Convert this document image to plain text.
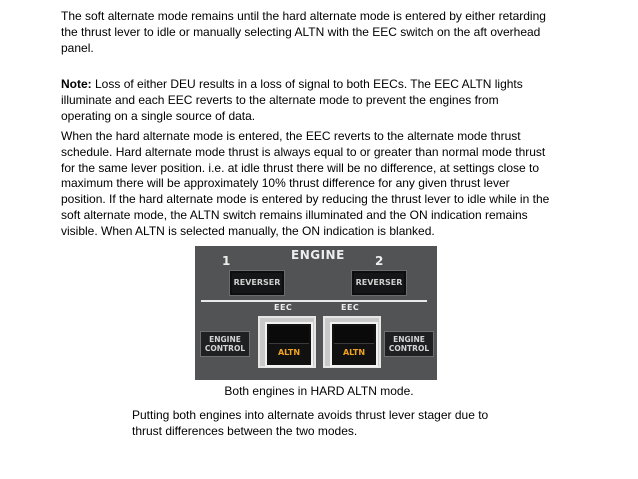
The soft alternate mode remains until the hard alternate mode is entered by either retarding the thrust lever to idle or manually selecting ALTN with the EEC switch on the aft overhead panel.

Note: Loss of either DEU results in a loss of signal to both EECs. The EEC ALTN lights illuminate and each EEC reverts to the alternate mode to prevent the engines from operating on a single source of data.

When the hard alternate mode is entered, the EEC reverts to the alternate mode thrust schedule. Hard alternate mode thrust is always equal to or greater than normal mode thrust for the same lever position. i.e. at idle thrust there will be no difference, at settings close to maximum there will be approximately 10% thrust difference for any given thrust lever position. If the hard alternate mode is entered by reducing the thrust lever to idle while in the soft alternate mode, the ALTN switch remains illuminated and the ON indication remains visible. When ALTN is selected manually, the ON indication is blanked.

ENGINE
1	2
REVERSER	REVERSER
EEC	EEC
ENGINE
CONTROL
ENGINE
CONTROL
ALTN	ALTN
Both engines in HARD ALTN mode.

Putting both engines into alternate avoids thrust lever stager due to thrust differences between the two modes.
